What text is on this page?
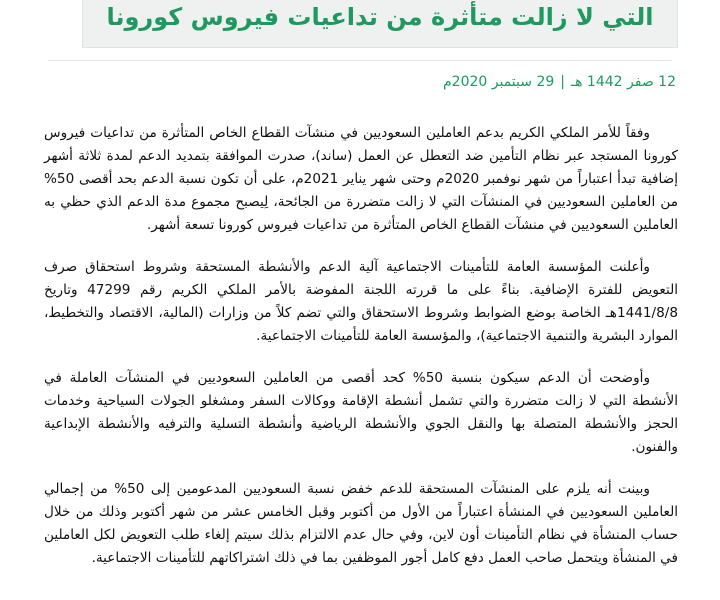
التي لا زالت متأثرة من تداعيات فيروس كورونا
12 صفر 1442 هـ|29 سبتمبر 2020م

وفقاً للأمر الملكي الكريم بدعم العاملين السعوديين في منشآت القطاع الخاص المتأثرة من تداعيات فيروس كورونا المستجد عبر نظام التأمين ضد التعطل عن العمل (ساند)، صدرت الموافقة بتمديد الدعم لمدة ثلاثة أشهر إضافية تبدأ اعتباراً من شهر نوفمبر 2020م وحتى شهر يناير 2021م، على أن تكون نسبة الدعم بحد أقصى 50% من العاملين السعوديين في المنشآت التي لا زالت متضررة من الجائحة، لِيصبح مجموع مدة الدعم الذي حظي به العاملين السعوديين في منشآت القطاع الخاص المتأثرة من تداعيات فيروس كورونا تسعة أشهر.

وأعلنت المؤسسة العامة للتأمينات الاجتماعية آلية الدعم والأنشطة المستحقة وشروط استحقاق صرف التعويض للفترة الإضافية. بناءً على ما قررته اللجنة المفوضة بالأمر الملكي الكريم رقم 47299 وتاريخ 1441/8/8هـ الخاصة بوضع الضوابط وشروط الاستحقاق والتي تضم كلاً من وزارات (المالية، الاقتصاد والتخطيط، الموارد البشرية والتنمية الاجتماعية)، والمؤسسة العامة للتأمينات الاجتماعية.

وأوضحت أن الدعم سيكون بنسبة 50% كحد أقصى من العاملين السعوديين في المنشآت العاملة في الأنشطة التي لا زالت متضررة والتي تشمل أنشطة الإقامة ووكالات السفر ومشغلو الجولات السياحية وخدمات الحجز والأنشطة المتصلة بها والنقل الجوي والأنشطة الرياضية وأنشطة التسلية والترفيه والأنشطة الإبداعية والفنون.

وبينت أنه يلزم على المنشآت المستحقة للدعم خفض نسبة السعوديين المدعومين إلى 50% من إجمالي العاملين السعوديين في المنشأة اعتباراً من الأول من أكتوبر وقبل الخامس عشر من شهر أكتوبر وذلك من خلال حساب المنشأة في نظام التأمينات أون لاين، وفي حال عدم الالتزام بذلك سيتم إلغاء طلب التعويض لكل العاملين في المنشأة ويتحمل صاحب العمل دفع كامل أجور الموظفين بما في ذلك اشتراكاتهم للتأمينات الاجتماعية.
